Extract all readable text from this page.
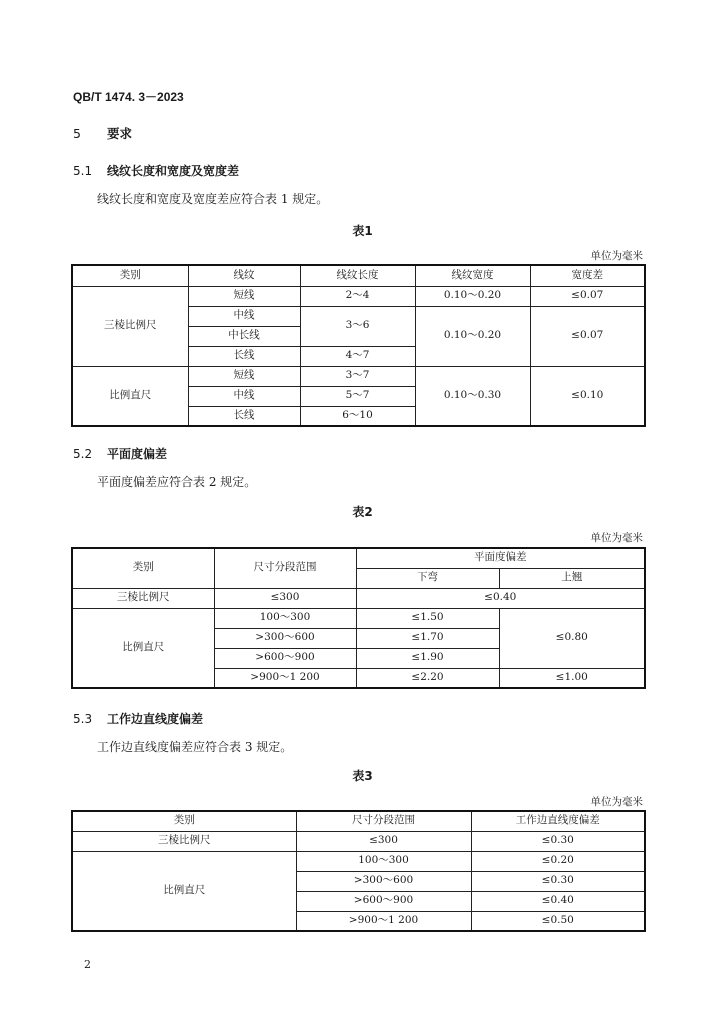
QB/T 1474. 3－2023
5 要求
5.1 线纹长度和宽度及宽度差
线纹长度和宽度及宽度差应符合表 1 规定。
表1
单位为毫米
类别	线纹	线纹长度	线纹宽度	宽度差
三棱比例尺	短线	2～4	0.10～0.20	≤0.07
	中线	3～6	0.10～0.20	≤0.07
	中长线			
	长线	4～7		
比例直尺	短线	3～7	0.10～0.30	≤0.10
	中线	5～7		
	长线	6～10		
5.2 平面度偏差
平面度偏差应符合表 2 规定。
表2
单位为毫米
类别	尺寸分段范围	平面度偏差	
		下弯	上翘
三棱比例尺	≤300	≤0.40	
比例直尺	100～300	≤1.50	≤0.80
	>300～600	≤1.70	
	>600～900	≤1.90	
	>900～1 200	≤2.20	≤1.00
5.3 工作边直线度偏差
工作边直线度偏差应符合表 3 规定。
表3
单位为毫米
类别	尺寸分段范围	工作边直线度偏差
三棱比例尺	≤300	≤0.30
比例直尺	100～300	≤0.20
	>300～600	≤0.30
	>600～900	≤0.40
	>900～1 200	≤0.50
2
